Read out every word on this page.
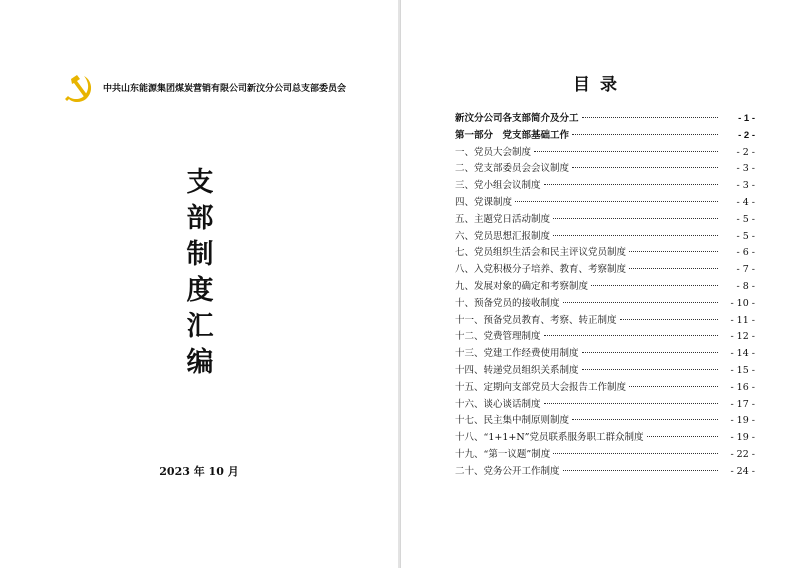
中共山东能源集团煤炭营销有限公司新汶分公司总支部委员会
支
部
制
度
汇
编
2023 年 10 月
目录
新汶分公司各支部简介及分工	- 1 -
第一部分　党支部基础工作	- 2 -
一、党员大会制度	- 2 -
二、党支部委员会会议制度	- 3 -
三、党小组会议制度	- 3 -
四、党课制度	- 4 -
五、主题党日活动制度	- 5 -
六、党员思想汇报制度	- 5 -
七、党员组织生活会和民主评议党员制度	- 6 -
八、入党积极分子培养、教育、考察制度	- 7 -
九、发展对象的确定和考察制度	- 8 -
十、预备党员的接收制度	- 10 -
十一、预备党员教育、考察、转正制度	- 11 -
十二、党费管理制度	- 12 -
十三、党建工作经费使用制度	- 14 -
十四、转递党员组织关系制度	- 15 -
十五、定期向支部党员大会报告工作制度	- 16 -
十六、谈心谈话制度	- 17 -
十七、民主集中制原则制度	- 19 -
十八、“1+1+N”党员联系服务职工群众制度	- 19 -
十九、“第一议题”制度	- 22 -
二十、党务公开工作制度	- 24 -
